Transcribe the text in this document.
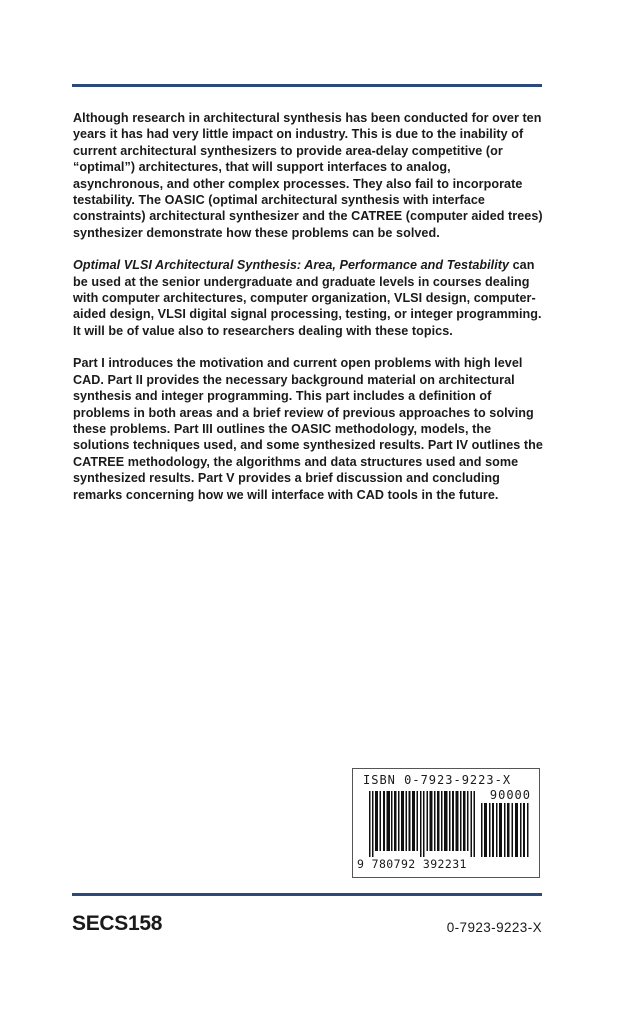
Although research in architectural synthesis has been conducted for over ten years it has had very little impact on industry. This is due to the inability of current architectural synthesizers to provide area-delay competitive (or “optimal”) architectures, that will support interfaces to analog, asynchronous, and other complex processes. They also fail to incorporate testability. The OASIC (optimal architectural synthesis with interface constraints) architectural synthesizer and the CATREE (computer aided trees) synthesizer demonstrate how these problems can be solved.

Optimal VLSI Architectural Synthesis: Area, Performance and Testability can be used at the senior undergraduate and graduate levels in courses dealing with computer architectures, computer organization, VLSI design, computer-aided design, VLSI digital signal processing, testing, or integer programming. It will be of value also to researchers dealing with these topics.

Part I introduces the motivation and current open problems with high level CAD. Part II provides the necessary background material on architectural synthesis and integer programming. This part includes a definition of problems in both areas and a brief review of previous approaches to solving these problems. Part III outlines the OASIC methodology, models, the solutions techniques used, and some synthesized results. Part IV outlines the CATREE methodology, the algorithms and data structures used and some synthesized results. Part V provides a brief discussion and concluding remarks concerning how we will interface with CAD tools in the future.

ISBN 0-7923-9223-X
90000
9 780792 392231
SECS158	0-7923-9223-X
